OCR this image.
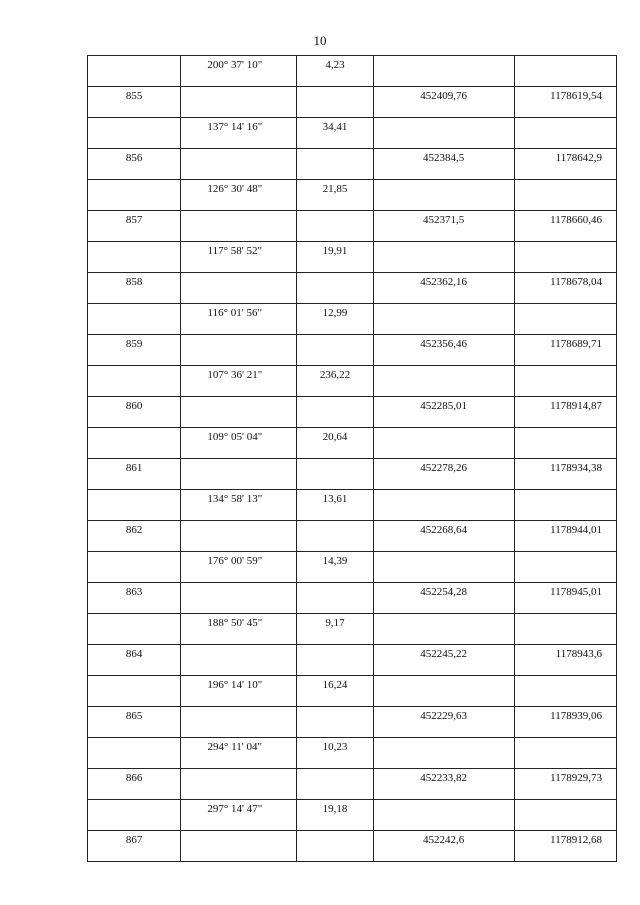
10

	200° 37' 10"	4,23		

855			452409,76	1178619,54

	137° 14' 16"	34,41		

856			452384,5	1178642,9

	126° 30' 48"	21,85		

857			452371,5	1178660,46

	117° 58' 52"	19,91		

858			452362,16	1178678,04

	116° 01' 56"	12,99		

859			452356,46	1178689,71

	107° 36' 21"	236,22		

860			452285,01	1178914,87

	109° 05' 04"	20,64		

861			452278,26	1178934,38

	134° 58' 13"	13,61		

862			452268,64	1178944,01

	176° 00' 59"	14,39		

863			452254,28	1178945,01

	188° 50' 45"	9,17		

864			452245,22	1178943,6

	196° 14' 10"	16,24		

865			452229,63	1178939,06

	294° 11' 04"	10,23		

866			452233,82	1178929,73

	297° 14' 47"	19,18		

867			452242,6	1178912,68
